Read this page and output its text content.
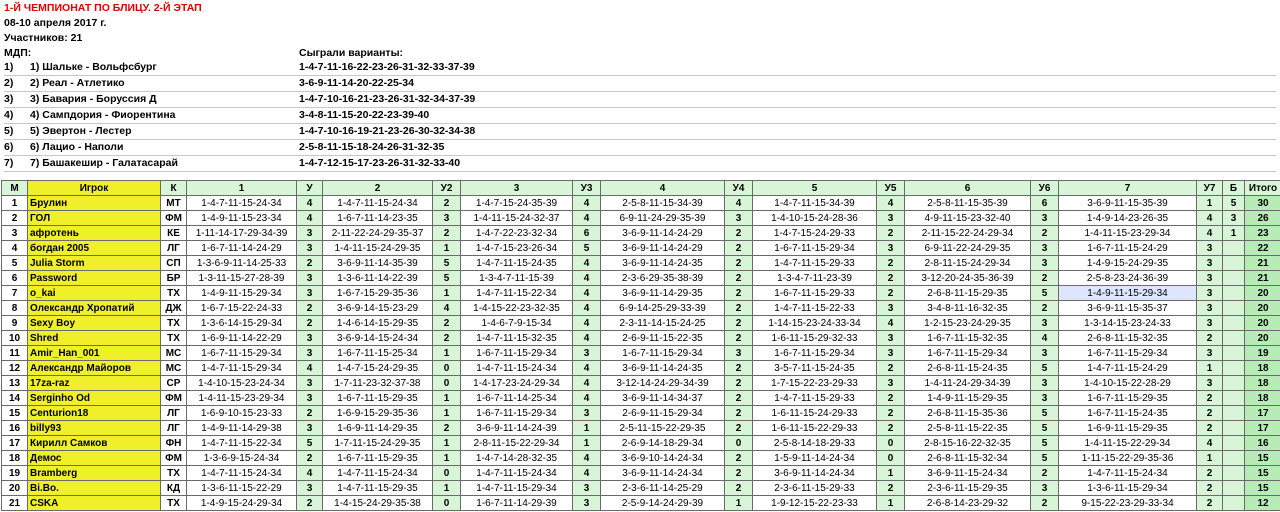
1-Й ЧЕМПИОНАТ ПО БЛИЦУ. 2-Й ЭТАП
08-10 апреля 2017 г.
Участников: 21
МДП:	Сыграли варианты:
1) 1) Шальке - Вольфсбург	1-4-7-11-16-22-23-26-31-32-33-37-39
2) 2) Реал - Атлетико	3-6-9-11-14-20-22-25-34
3) 3) Бавария - Боруссия Д	1-4-7-10-16-21-23-26-31-32-34-37-39
4) 4) Сампдория - Фиорентина	3-4-8-11-15-20-22-23-39-40
5) 5) Эвертон - Лестер	1-4-7-10-16-19-21-23-26-30-32-34-38
6) 6) Лацио - Наполи	2-5-8-11-15-18-24-26-31-32-35
7) 7) Башакешир - Галатасарай	1-4-7-12-15-17-23-26-31-32-33-40
М	Игрок	К	1	У	2	У2	3	У3	4	У4	5	У5	6	У6	7	У7	Б	Итого
1	Брулин	МТ	1-4-7-11-15-24-34	4	1-4-7-11-15-24-34	2	1-4-7-15-24-35-39	4	2-5-8-11-15-34-39	4	1-4-7-11-15-34-39	4	2-5-8-11-15-35-39	6	3-6-9-11-15-35-39	1	5	30
2	ГОЛ	ФМ	1-4-9-11-15-23-34	4	1-6-7-11-14-23-35	3	1-4-11-15-24-32-37	4	6-9-11-24-29-35-39	3	1-4-10-15-24-28-36	3	4-9-11-15-23-32-40	3	1-4-9-14-23-26-35	4	3	26
3	афротень	КЕ	1-11-14-17-29-34-39	3	2-11-22-24-29-35-37	2	1-4-7-22-23-32-34	6	3-6-9-11-14-24-29	2	1-4-7-15-24-29-33	2	2-11-15-22-24-29-34	2	1-4-11-15-23-29-34	4	1	23
4	богдан 2005	ЛГ	1-6-7-11-14-24-29	3	1-4-11-15-24-29-35	1	1-4-7-15-23-26-34	5	3-6-9-11-14-24-29	2	1-6-7-11-15-29-34	3	6-9-11-22-24-29-35	3	1-6-7-11-15-24-29	3		22
5	Julia Storm	СП	1-3-6-9-11-14-25-33	2	3-6-9-11-14-35-39	5	1-4-7-11-15-24-35	4	3-6-9-11-14-24-35	2	1-4-7-11-15-29-33	2	2-8-11-15-24-29-34	3	1-4-9-15-24-29-35	3		21
6	Password	БР	1-3-11-15-27-28-39	3	1-3-6-11-14-22-39	5	1-3-4-7-11-15-39	4	2-3-6-29-35-38-39	2	1-3-4-7-11-23-39	2	3-12-20-24-35-36-39	2	2-5-8-23-24-36-39	3		21
7	o_kai	ТХ	1-4-9-11-15-29-34	3	1-6-7-15-29-35-36	1	1-4-7-11-15-22-34	4	3-6-9-11-14-29-35	2	1-6-7-11-15-29-33	2	2-6-8-11-15-29-35	5	1-4-9-11-15-29-34	3		20
8	Олександр Хропатий	ДЖ	1-6-7-15-22-24-33	2	3-6-9-14-15-23-29	4	1-4-15-22-23-32-35	4	6-9-14-25-29-33-39	2	1-4-7-11-15-22-33	3	3-4-8-11-16-32-35	2	3-6-9-11-15-35-37	3		20
9	Sexy Boy	ТХ	1-3-6-14-15-29-34	2	1-4-6-14-15-29-35	2	1-4-6-7-9-15-34	4	2-3-11-14-15-24-25	2	1-14-15-23-24-33-34	4	1-2-15-23-24-29-35	3	1-3-14-15-23-24-33	3		20
10	Shred	ТХ	1-6-9-11-14-22-29	3	3-6-9-14-15-24-34	2	1-4-7-11-15-32-35	4	2-6-9-11-15-22-35	2	1-6-11-15-29-32-33	3	1-6-7-11-15-32-35	4	2-6-8-11-15-32-35	2		20
11	Amir_Han_001	МС	1-6-7-11-15-29-34	3	1-6-7-11-15-25-34	1	1-6-7-11-15-29-34	3	1-6-7-11-15-29-34	3	1-6-7-11-15-29-34	3	1-6-7-11-15-29-34	3	1-6-7-11-15-29-34	3		19
12	Александр Майоров	МС	1-4-7-11-15-29-34	4	1-4-7-15-24-29-35	0	1-4-7-11-15-24-34	4	3-6-9-11-14-24-35	2	3-5-7-11-15-24-35	2	2-6-8-11-15-24-35	5	1-4-7-11-15-24-29	1		18
13	17za-raz	СР	1-4-10-15-23-24-34	3	1-7-11-23-32-37-38	0	1-4-17-23-24-29-34	4	3-12-14-24-29-34-39	2	1-7-15-22-23-29-33	3	1-4-11-24-29-34-39	3	1-4-10-15-22-28-29	3		18
14	Serginho Od	ФМ	1-4-11-15-23-29-34	3	1-6-7-11-15-29-35	1	1-6-7-11-14-25-34	4	3-6-9-11-14-34-37	2	1-4-7-11-15-29-33	2	1-4-9-11-15-29-35	3	1-6-7-11-15-29-35	2		18
15	Centurion18	ЛГ	1-6-9-10-15-23-33	2	1-6-9-15-29-35-36	1	1-6-7-11-15-29-34	3	2-6-9-11-15-29-34	2	1-6-11-15-24-29-33	2	2-6-8-11-15-35-36	5	1-6-7-11-15-24-35	2		17
16	billy93	ЛГ	1-4-9-11-14-29-38	3	1-6-9-11-14-29-35	2	3-6-9-11-14-24-39	1	2-5-11-15-22-29-35	2	1-6-11-15-22-29-33	2	2-5-8-11-15-22-35	5	1-6-9-11-15-29-35	2		17
17	Кирилл Самков	ФН	1-4-7-11-15-22-34	5	1-7-11-15-24-29-35	1	2-8-11-15-22-29-34	1	2-6-9-14-18-29-34	0	2-5-8-14-18-29-33	0	2-8-15-16-22-32-35	5	1-4-11-15-22-29-34	4		16
18	Демос	ФМ	1-3-6-9-15-24-34	2	1-6-7-11-15-29-35	1	1-4-7-14-28-32-35	4	3-6-9-10-14-24-34	2	1-5-9-11-14-24-34	0	2-6-8-11-15-32-34	5	1-11-15-22-29-35-36	1		15
19	Bramberg	ТХ	1-4-7-11-15-24-34	4	1-4-7-11-15-24-34	0	1-4-7-11-15-24-34	4	3-6-9-11-14-24-34	2	3-6-9-11-14-24-34	1	3-6-9-11-15-24-34	2	1-4-7-11-15-24-34	2		15
20	Bi.Bo.	КД	1-3-6-11-15-22-29	3	1-4-7-11-15-29-35	1	1-4-7-11-15-29-34	3	2-3-6-11-14-25-29	2	2-3-6-11-15-29-33	2	2-3-6-11-15-29-35	3	1-3-6-11-15-29-34	2		15
21	CSKA	ТХ	1-4-9-15-24-29-34	2	1-4-15-24-29-35-38	0	1-6-7-11-14-29-39	3	2-5-9-14-24-29-39	1	1-9-12-15-22-23-33	1	2-6-8-14-23-29-32	2	9-15-22-23-29-33-34	2		12
